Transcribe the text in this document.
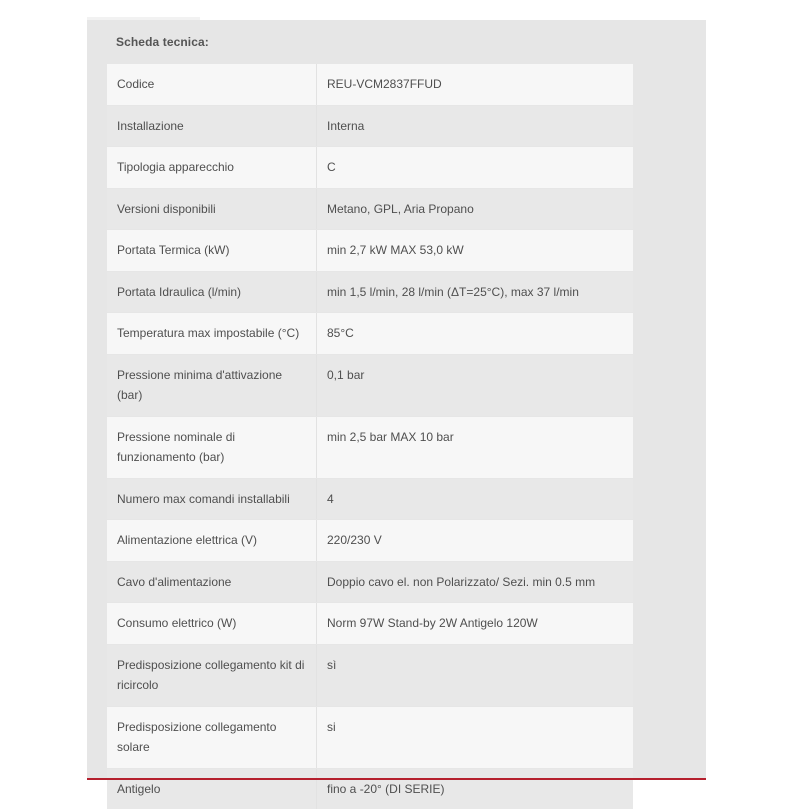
Scheda tecnica:
Codice	REU-VCM2837FFUD
Installazione	Interna
Tipologia apparecchio	C
Versioni disponibili	Metano, GPL, Aria Propano
Portata Termica (kW)	min 2,7 kW MAX 53,0 kW
Portata Idraulica (l/min)	min 1,5 l/min, 28 l/min (ΔT=25°C), max 37 l/min
Temperatura max impostabile (°C)	85°C
Pressione minima d'attivazione (bar)	0,1 bar
Pressione nominale di funzionamento (bar)	min 2,5 bar MAX 10 bar
Numero max comandi installabili	4
Alimentazione elettrica (V)	220/230 V
Cavo d'alimentazione	Doppio cavo el. non Polarizzato/ Sezi. min 0.5 mm
Consumo elettrico (W)	Norm 97W Stand-by 2W Antigelo 120W
Predisposizione collegamento kit di ricircolo	sì
Predisposizione collegamento solare	si
Antigelo	fino a -20° (DI SERIE)
